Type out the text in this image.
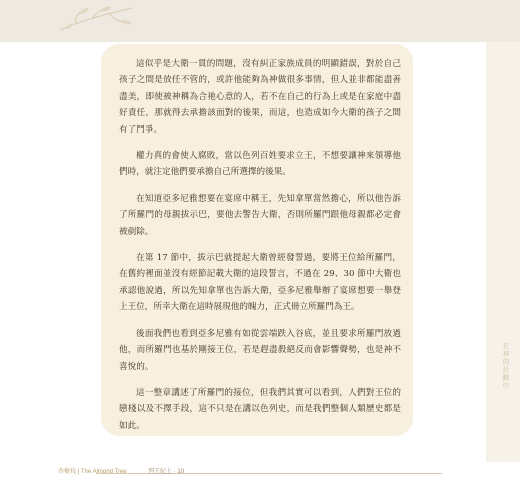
在神的計劃中

這似乎是大衛一貫的問題，沒有糾正家族成員的明顯錯誤，對於自己孩子之間是放任不管的，或許他能夠為神做很多事情，但人並非都能盡善盡美，即使被神稱為合祂心意的人，若不在自己的行為上或是在家庭中盡好責任，那就得去承擔該面對的後果，而這，也造成如今大衛的孩子之間有了鬥爭。

權力真的會使人腐敗，當以色列百姓要求立王，不想要讓神來領導他們時，就注定他們要承擔自己所選擇的後果。

在知道亞多尼雅想要在宴席中稱王，先知拿單當然擔心，所以他告訴了所羅門的母親拔示巴，要他去警告大衛，否則所羅門跟他母親都必定會被剷除。

在第 17 節中，拔示巴就提起大衛曾經發誓過，要將王位給所羅門，在舊約裡面並沒有經節記載大衛的這段誓言，不過在 29、30 節中大衛也承認他說過，所以先知拿單也告訴大衛，亞多尼雅舉辦了宴席想要一舉登上王位，所幸大衛在這時展現他的魄力，正式冊立所羅門為王。

後面我們也看到亞多尼雅有如從雲端跌入谷底，並且要求所羅門放過他，而所羅門也基於剛接王位，若是趕盡殺絕反而會影響聲勢，也是神不喜悅的。

這一整章講述了所羅門的接位，但我們其實可以看到，人們對王位的戀棧以及不擇手段，這不只是在講以色列史，而是我們整個人類歷史都是如此。

杏樹枝 | The Almond Tree	列王紀上 · 10
